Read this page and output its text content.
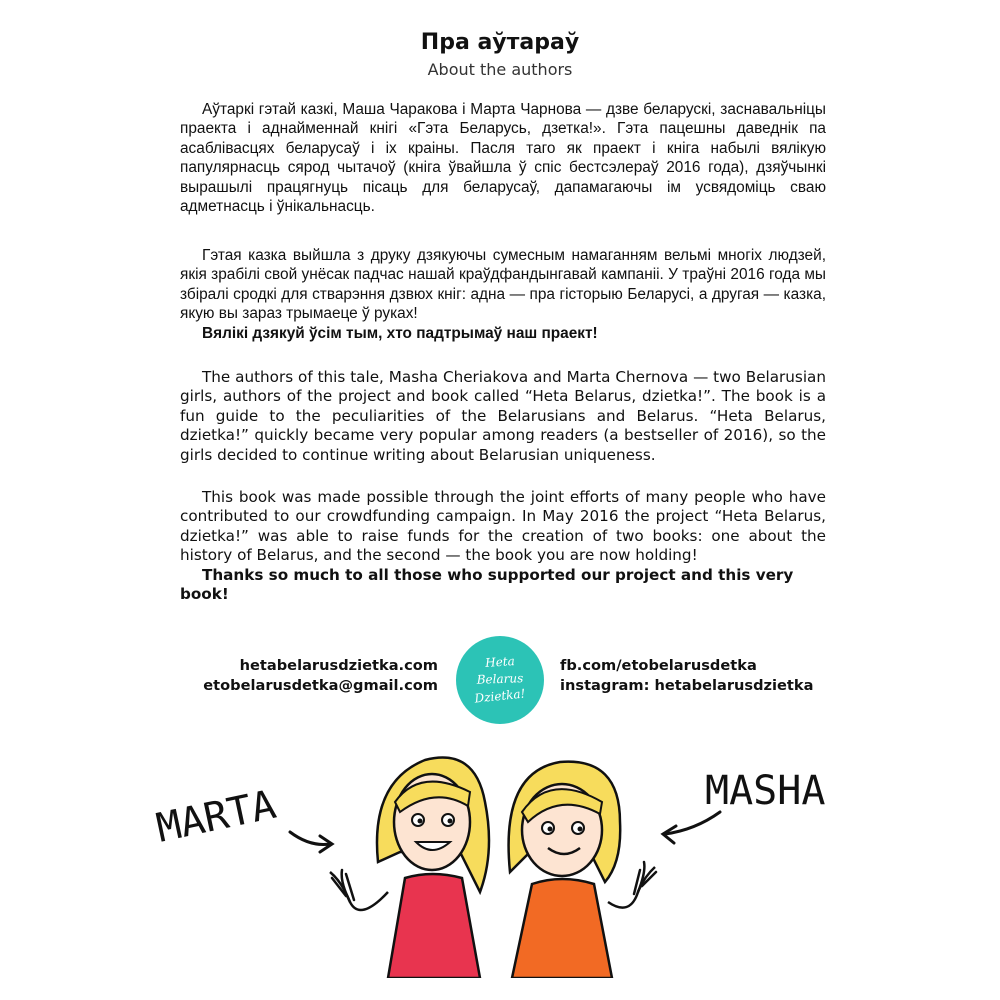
Пра аўтараў
About the authors

Аўтаркі гэтай казкі, Маша Чаракова і Марта Чарнова — дзве беларускі, заснавальніцы праекта і аднайменнай кнігі «Гэта Беларусь, дзетка!». Гэта пацешны даведнік па асаблівасцях беларусаў і іх краіны. Пасля таго як праект і кніга набылі вялікую папулярнасць сярод чытачоў (кніга ўвайшла ў спіс бестсэлераў 2016 года), дзяўчынкі вырашылі працягнуць пісаць для беларусаў, дапамагаючы ім усвядоміць сваю адметнасць і ўнікальнасць.

Гэтая казка выйшла з друку дзякуючы сумесным намаганням вельмі многіх людзей, якія зрабілі свой унёсак падчас нашай краўдфандынгавай кампаніі. У траўні 2016 года мы збіралі сродкі для стварэння дзвюх кніг: адна — пра гісторыю Беларусі, а другая — казка, якую вы зараз трымаеце ў руках!

Вялікі дзякуй ўсім тым, хто падтрымаў наш праект!

The authors of this tale, Masha Cheriakova and Marta Chernova — two Belarusian girls, authors of the project and book called “Heta Belarus, dzietka!”. The book is a fun guide to the peculiarities of the Belarusians and Belarus. “Heta Belarus, dzietka!” quickly became very popular among readers (a bestseller of 2016), so the girls decided to continue writing about Belarusian uniqueness.

This book was made possible through the joint efforts of many people who have contributed to our crowdfunding campaign. In May 2016 the project “Heta Belarus, dzietka!” was able to raise funds for the creation of two books: one about the history of Belarus, and the second — the book you are now holding!

Thanks so much to all those who supported our project and this very book!
hetabelarusdzietka.com
etobelarusdetka@gmail.com
Heta
Belarus
Dzietka!
fb.com/etobelarusdetka
instagram: hetabelarusdzietka
MARTA	MASHA
